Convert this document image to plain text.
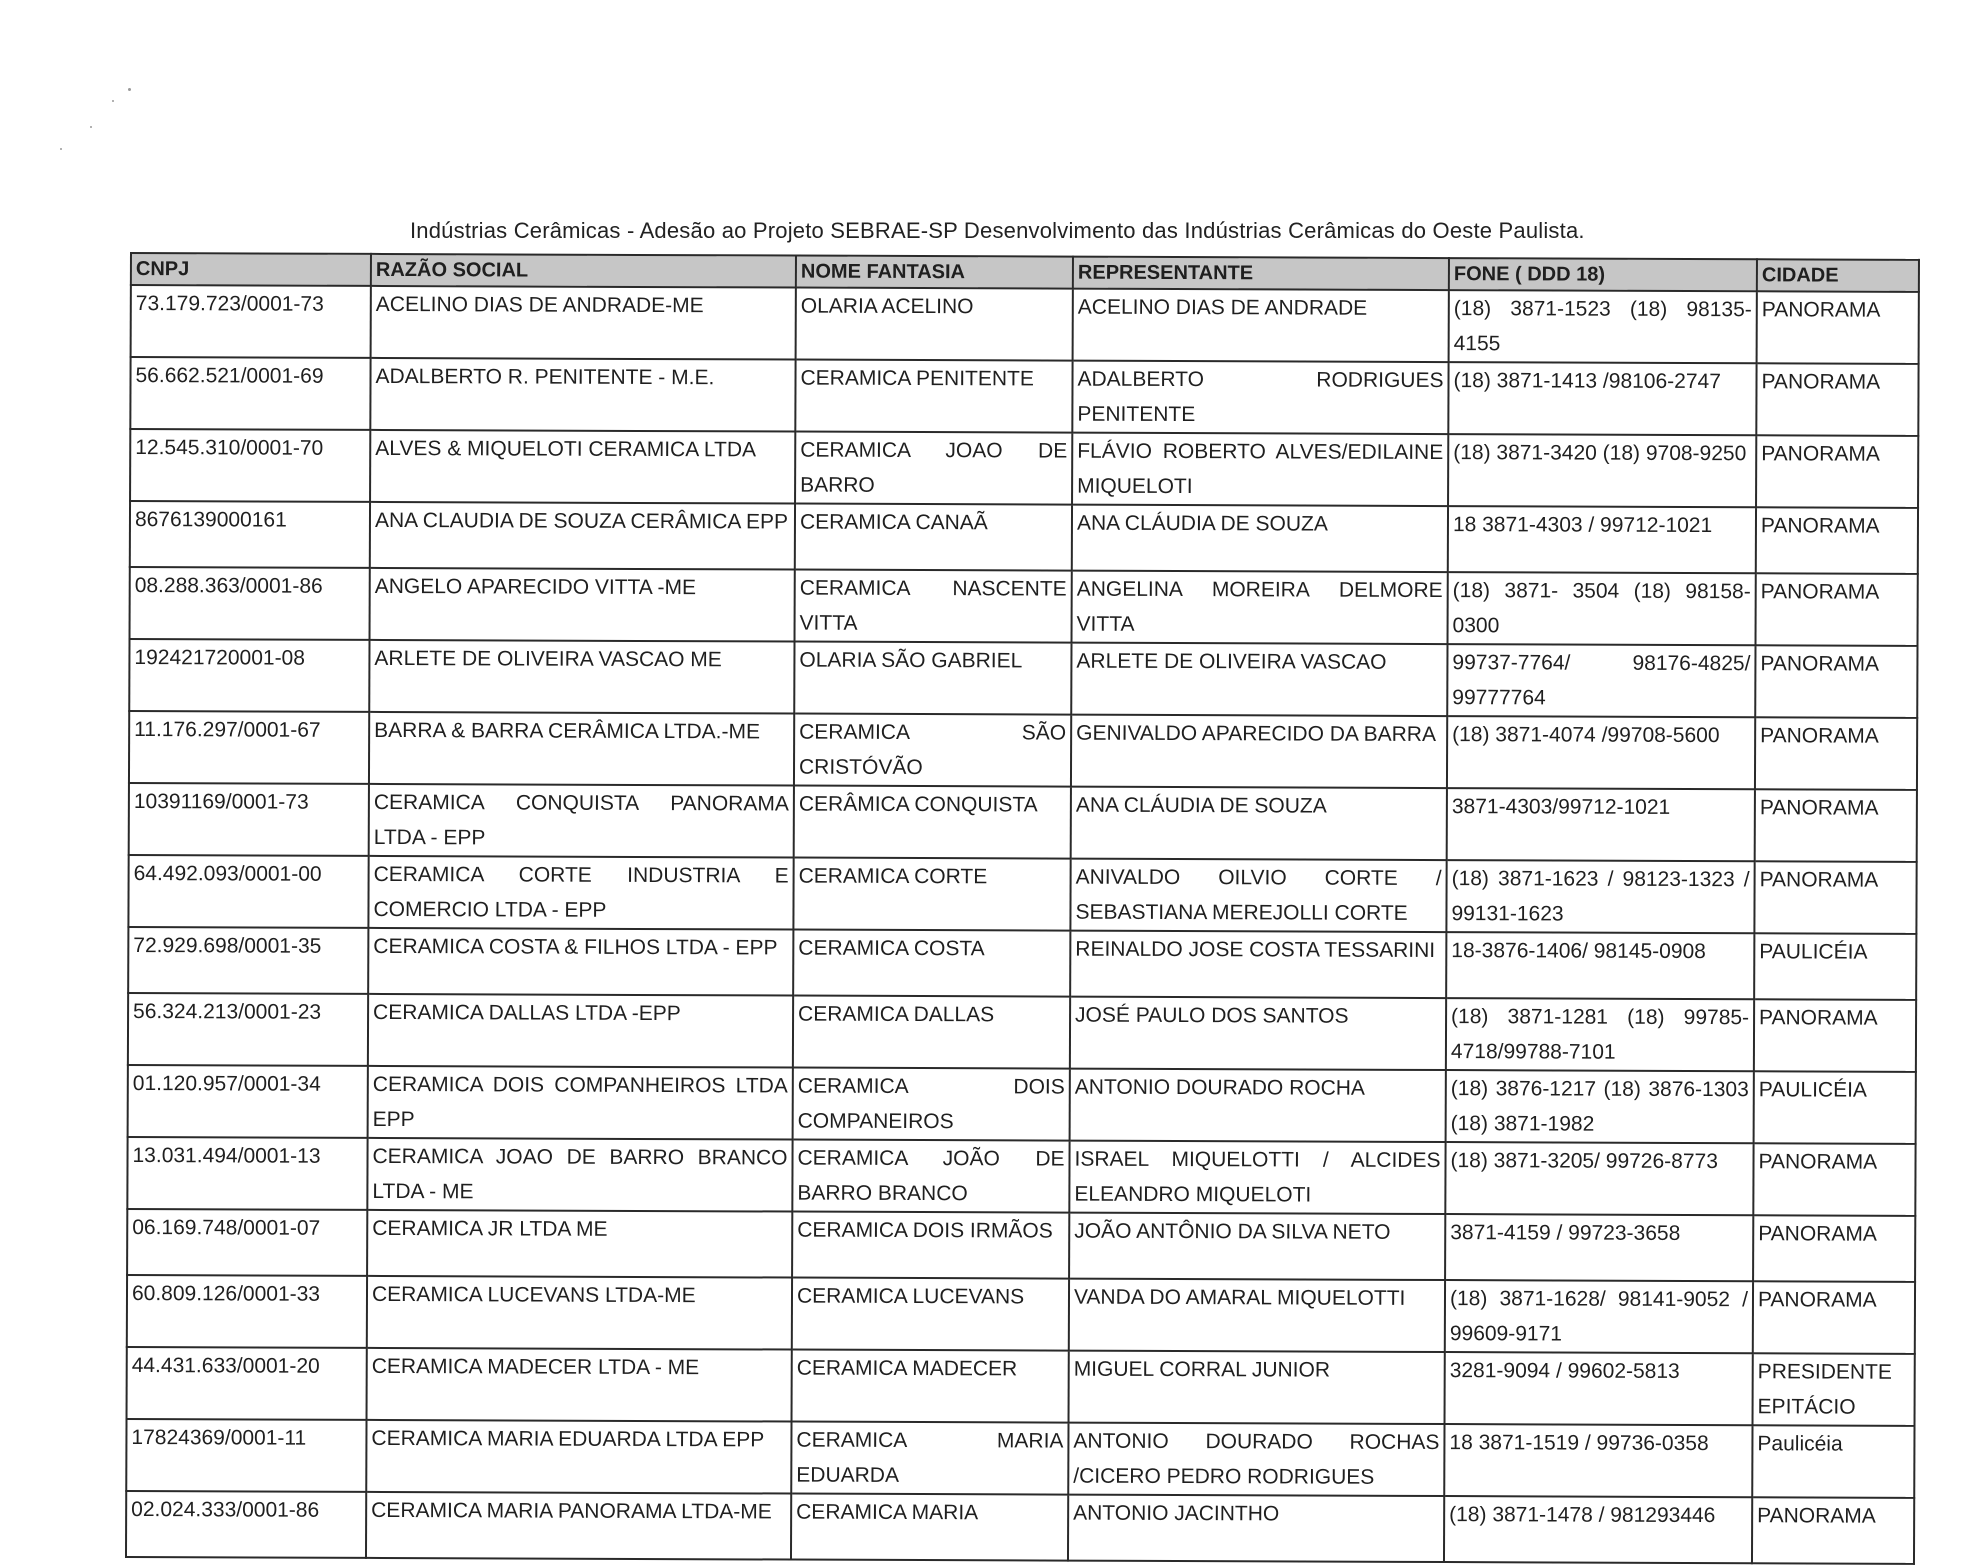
Indústrias Cerâmicas - Adesão ao Projeto SEBRAE-SP Desenvolvimento das Indústrias Cerâmicas do Oeste Paulista.
CNPJ	RAZÃO SOCIAL	NOME FANTASIA	REPRESENTANTE	FONE ( DDD 18)	CIDADE
73.179.723/0001-73	ACELINO DIAS DE ANDRADE-ME	OLARIA ACELINO	ACELINO DIAS DE ANDRADE	(18) 3871-1523 (18) 98135-4155	PANORAMA
56.662.521/0001-69	ADALBERTO R. PENITENTE - M.E.	CERAMICA PENITENTE	ADALBERTO RODRIGUES PENITENTE	(18) 3871-1413 /98106-2747	PANORAMA
12.545.310/0001-70	ALVES & MIQUELOTI CERAMICA LTDA	CERAMICA JOAO DE BARRO	FLÁVIO ROBERTO ALVES/EDILAINE MIQUELOTI	(18) 3871-3420 (18) 9708-9250	PANORAMA
8676139000161	ANA CLAUDIA DE SOUZA CERÂMICA EPP	CERAMICA CANAÃ	ANA CLÁUDIA DE SOUZA	18 3871-4303 / 99712-1021	PANORAMA
08.288.363/0001-86	ANGELO APARECIDO VITTA -ME	CERAMICA NASCENTE VITTA	ANGELINA MOREIRA DELMORE VITTA	(18) 3871- 3504 (18) 98158-0300	PANORAMA
192421720001-08	ARLETE DE OLIVEIRA VASCAO ME	OLARIA SÃO GABRIEL	ARLETE DE OLIVEIRA VASCAO	99737-7764/ 98176-4825/ 99777764	PANORAMA
11.176.297/0001-67	BARRA & BARRA CERÂMICA LTDA.-ME	CERAMICA SÃO CRISTÓVÃO	GENIVALDO APARECIDO DA BARRA	(18) 3871-4074 /99708-5600	PANORAMA
10391169/0001-73	CERAMICA CONQUISTA PANORAMA LTDA - EPP	CERÂMICA CONQUISTA	ANA CLÁUDIA DE SOUZA	3871-4303/99712-1021	PANORAMA
64.492.093/0001-00	CERAMICA CORTE INDUSTRIA E COMERCIO LTDA - EPP	CERAMICA CORTE	ANIVALDO OILVIO CORTE / SEBASTIANA MEREJOLLI CORTE	(18) 3871-1623 / 98123-1323 / 99131-1623	PANORAMA
72.929.698/0001-35	CERAMICA COSTA & FILHOS LTDA - EPP	CERAMICA COSTA	REINALDO JOSE COSTA TESSARINI	18-3876-1406/ 98145-0908	PAULICÉIA
56.324.213/0001-23	CERAMICA DALLAS LTDA -EPP	CERAMICA DALLAS	JOSÉ PAULO DOS SANTOS	(18) 3871-1281 (18) 99785-4718/99788-7101	PANORAMA
01.120.957/0001-34	CERAMICA DOIS COMPANHEIROS LTDA EPP	CERAMICA DOIS COMPANEIROS	ANTONIO DOURADO ROCHA	(18) 3876-1217 (18) 3876-1303 (18) 3871-1982	PAULICÉIA
13.031.494/0001-13	CERAMICA JOAO DE BARRO BRANCO LTDA - ME	CERAMICA JOÃO DE BARRO BRANCO	ISRAEL MIQUELOTTI / ALCIDES ELEANDRO MIQUELOTI	(18) 3871-3205/ 99726-8773	PANORAMA
06.169.748/0001-07	CERAMICA JR LTDA ME	CERAMICA DOIS IRMÃOS	JOÃO ANTÔNIO DA SILVA NETO	3871-4159 / 99723-3658	PANORAMA
60.809.126/0001-33	CERAMICA LUCEVANS LTDA-ME	CERAMICA LUCEVANS	VANDA DO AMARAL MIQUELOTTI	(18) 3871-1628/ 98141-9052 / 99609-9171	PANORAMA
44.431.633/0001-20	CERAMICA MADECER LTDA - ME	CERAMICA MADECER	MIGUEL CORRAL JUNIOR	3281-9094 / 99602-5813	PRESIDENTE EPITÁCIO
17824369/0001-11	CERAMICA MARIA EDUARDA LTDA EPP	CERAMICA MARIA EDUARDA	ANTONIO DOURADO ROCHAS /CICERO PEDRO RODRIGUES	18 3871-1519 / 99736-0358	Paulicéia
02.024.333/0001-86	CERAMICA MARIA PANORAMA LTDA-ME	CERAMICA MARIA	ANTONIO JACINTHO	(18) 3871-1478 / 981293446	PANORAMA
